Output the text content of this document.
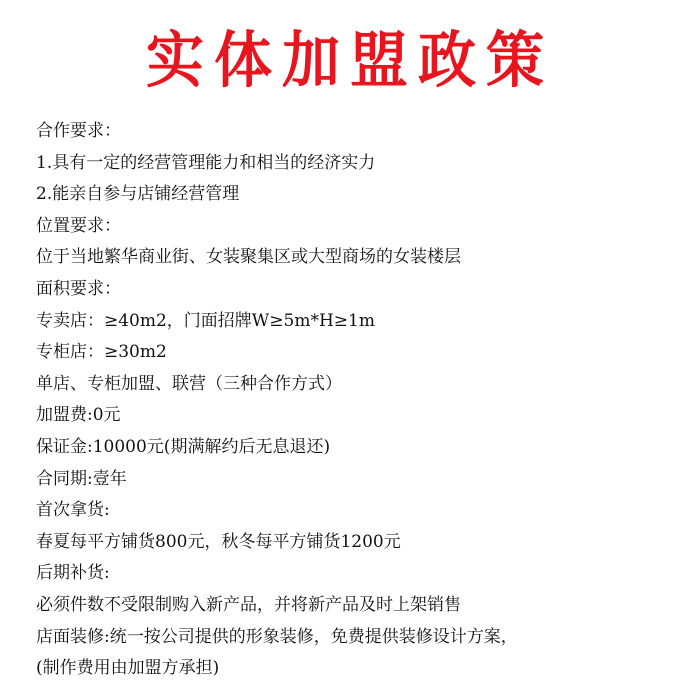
实体加盟政策
合作要求：
1.具有一定的经营管理能力和相当的经济实力
2.能亲自参与店铺经营管理
位置要求：
位于当地繁华商业街、女装聚集区或大型商场的女装楼层
面积要求：
专卖店：≥40m2，门面招牌W≥5m*H≥1m
专柜店：≥30m2
单店、专柜加盟、联营（三种合作方式）
加盟费:0元
保证金:10000元(期满解约后无息退还)
合同期:壹年
首次拿货:
春夏每平方铺货800元，秋冬每平方铺货1200元
后期补货:
必须件数不受限制购入新产品，并将新产品及时上架销售
店面装修:统一按公司提供的形象装修，免费提供装修设计方案，
(制作费用由加盟方承担)
